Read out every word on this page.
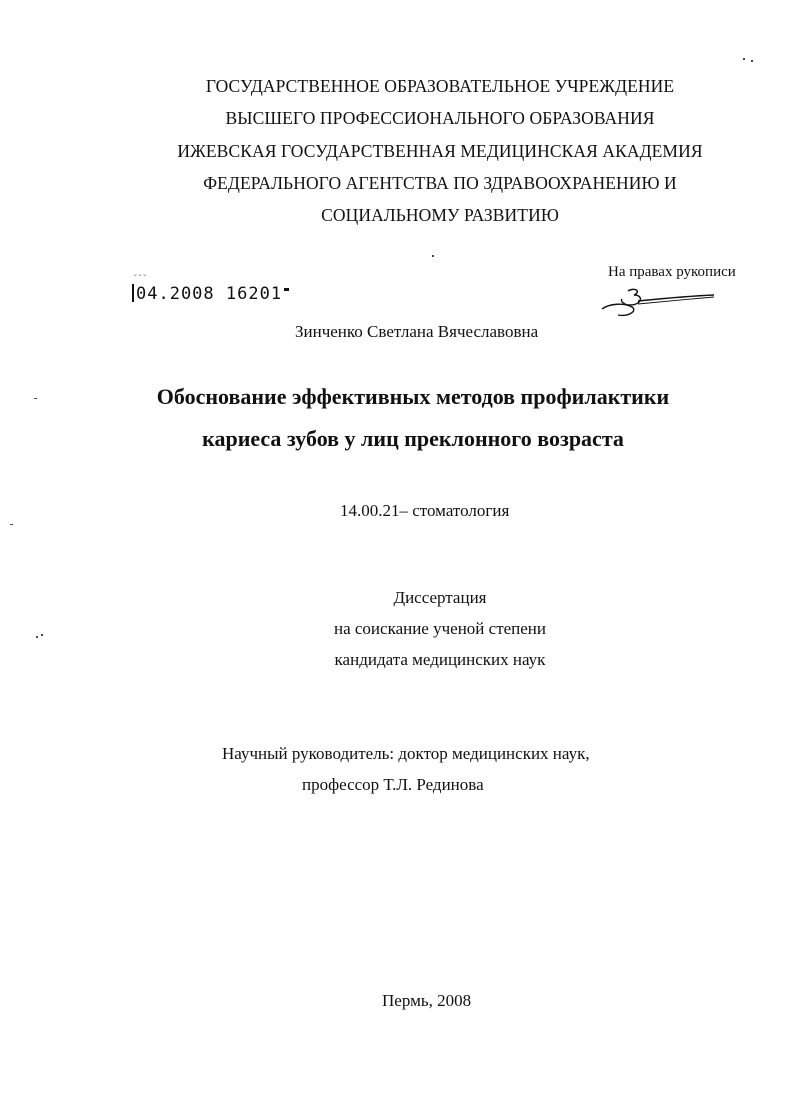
ГОСУДАРСТВЕННОЕ ОБРАЗОВАТЕЛЬНОЕ УЧРЕЖДЕНИЕ
ВЫСШЕГО ПРОФЕССИОНАЛЬНОГО ОБРАЗОВАНИЯ
ИЖЕВСКАЯ ГОСУДАРСТВЕННАЯ МЕДИЦИНСКАЯ АКАДЕМИЯ
ФЕДЕРАЛЬНОГО АГЕНТСТВА ПО ЗДРАВООХРАНЕНИЮ И
СОЦИАЛЬНОМУ РАЗВИТИЮ
На правах рукописи
˘ ˘ ˘
04.2008 16201
Зинченко Светлана Вячеславовна
Обоснование эффективных методов профилактики
кариеса зубов у лиц преклонного возраста
14.00.21– стоматология
Диссертация
на соискание ученой степени
кандидата медицинских наук
Научный руководитель: доктор медицинских наук,
профессор Т.Л. Рединова
Пермь, 2008
